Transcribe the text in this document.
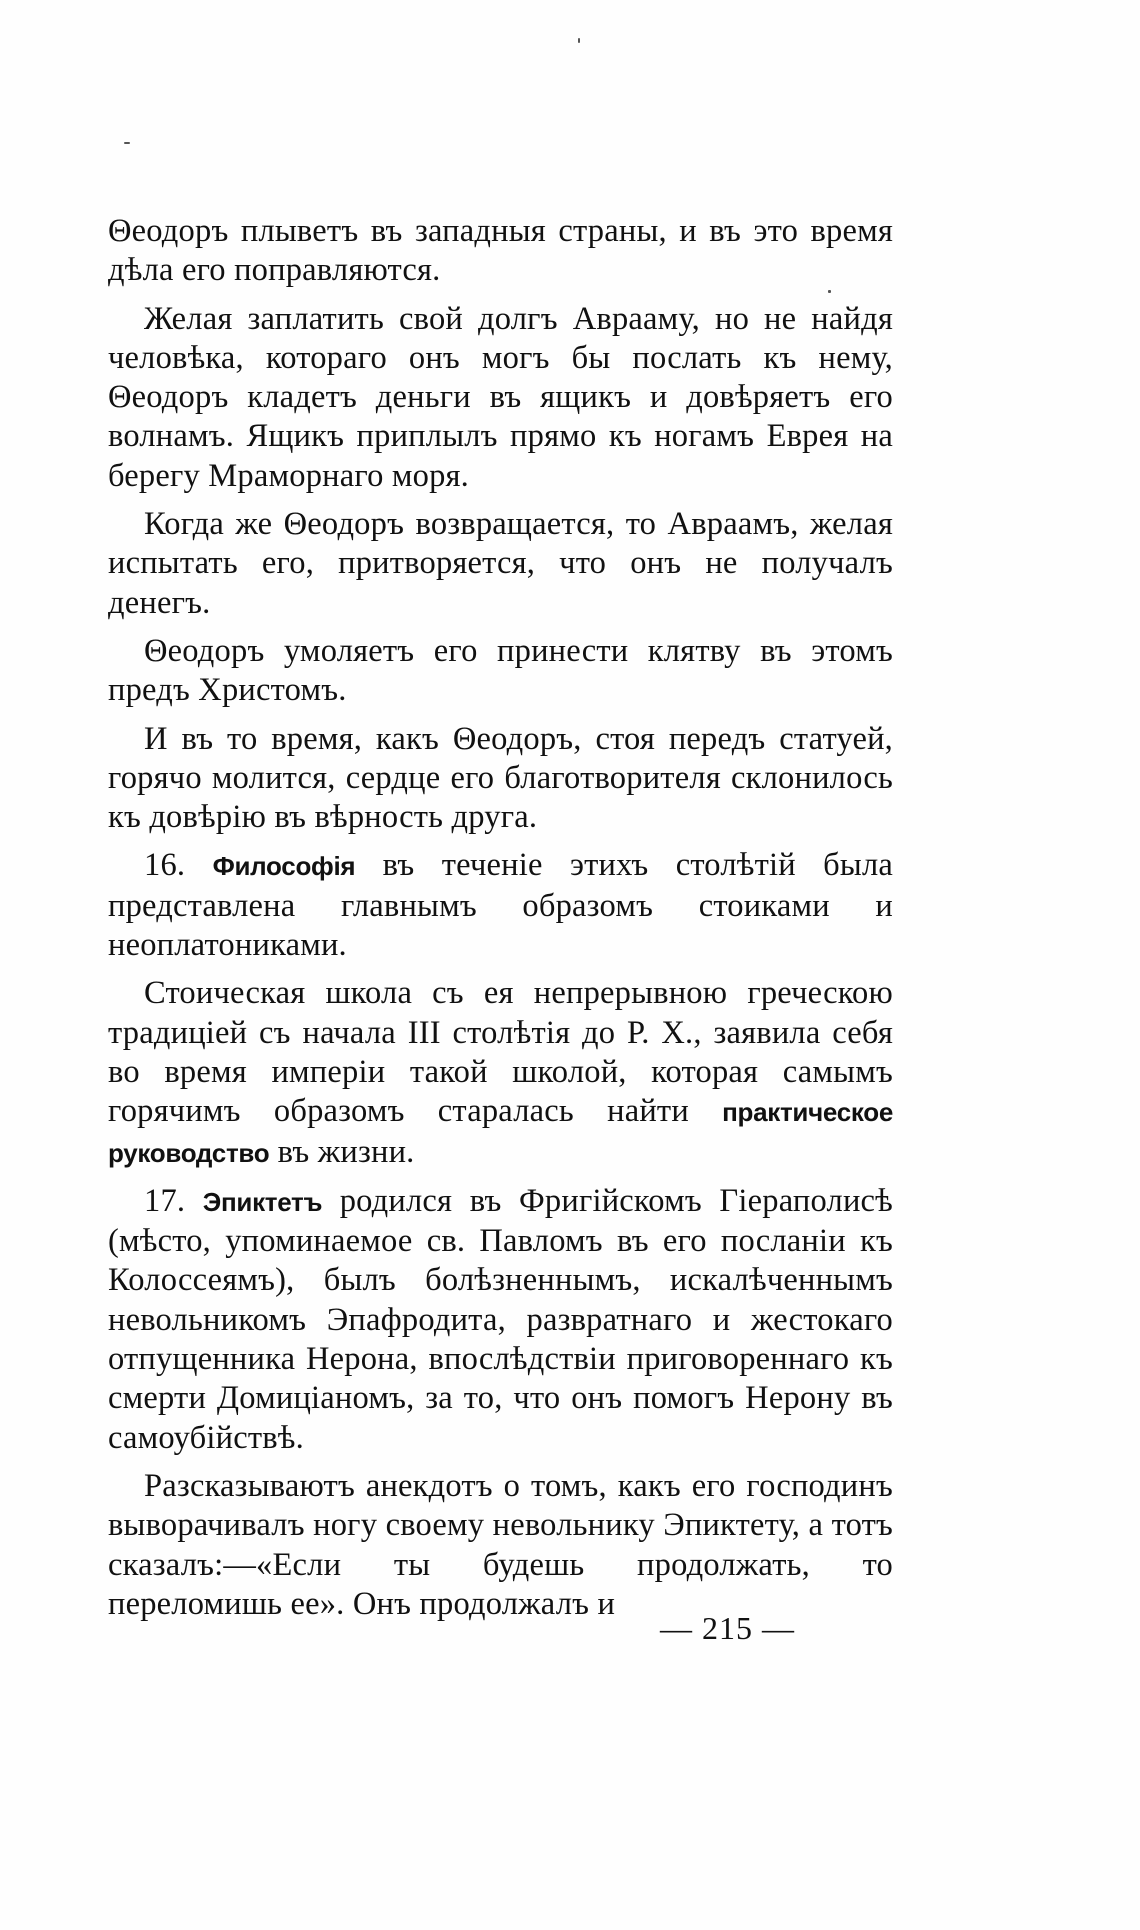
Θеодоръ плыветъ въ западныя страны, и въ это время дѣла его поправляются.

Желая заплатить свой долгъ Аврааму, но не найдя человѣка, котораго онъ могъ бы послать къ нему, Θеодоръ кладетъ деньги въ ящикъ и довѣряетъ его волнамъ. Ящикъ приплылъ прямо къ ногамъ Еврея на берегу Мраморнаго моря.

Когда же Θеодоръ возвращается, то Авраамъ, желая испытать его, притворяется, что онъ не получалъ денегъ.

Θеодоръ умоляетъ его принести клятву въ этомъ предъ Христомъ.

И въ то время, какъ Θеодоръ, стоя передъ статуей, горячо молится, сердце его благотворителя склонилось къ довѣрію въ вѣрность друга.

16. Философія въ теченіе этихъ столѣтій была представлена главнымъ образомъ стоиками и неоплатониками.

Стоическая школа съ ея непрерывною греческою традиціей съ начала III столѣтія до Р. Х., заявила себя во время имперіи такой школой, которая самымъ горячимъ образомъ старалась найти практическое руководство въ жизни.

17. Эпиктетъ родился въ Фригійскомъ Гіераполисѣ (мѣсто, упоминаемое св. Павломъ въ его посланіи къ Колоссеямъ), былъ болѣзненнымъ, искалѣченнымъ невольникомъ Эпафродита, развратнаго и жестокаго отпущенника Нерона, впослѣдствіи приговореннаго къ смерти Домиціаномъ, за то, что онъ помогъ Нерону въ самоубійствѣ.

Разсказываютъ анекдотъ о томъ, какъ его господинъ выворачивалъ ногу своему невольнику Эпиктету, а тотъ сказалъ:—«Если ты будешь продолжать, то переломишь ее». Онъ продолжалъ и

— 215 —
